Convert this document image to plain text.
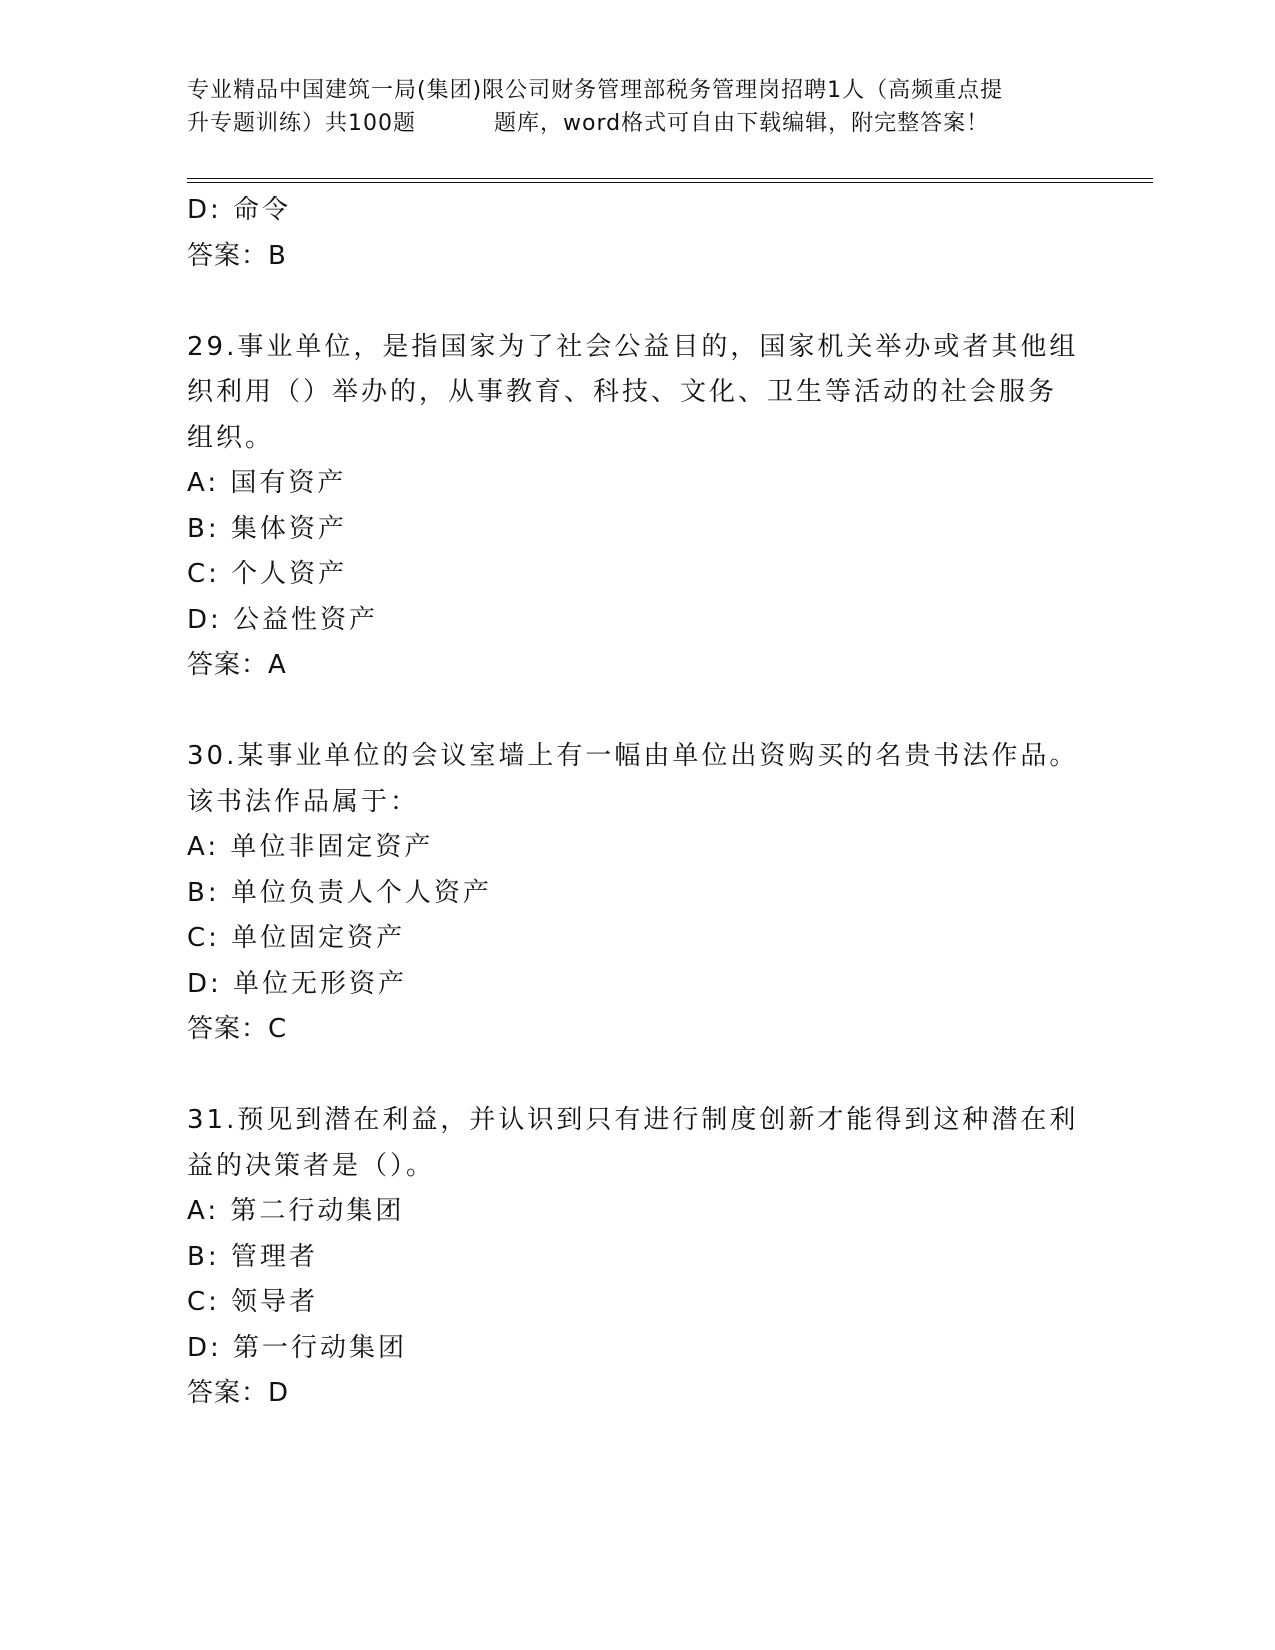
专业精品中国建筑一局(集团)限公司财务管理部税务管理岗招聘1人（高频重点提
升专题训练）共100题	题库，word格式可自由下载编辑，附完整答案！
D: 命令
答案：B
29.事业单位，是指国家为了社会公益目的，国家机关举办或者其他组
织利用（）举办的，从事教育、科技、文化、卫生等活动的社会服务
组织。
A: 国有资产
B: 集体资产
C: 个人资产
D: 公益性资产
答案：A
30.某事业单位的会议室墙上有一幅由单位出资购买的名贵书法作品。
该书法作品属于：
A: 单位非固定资产
B: 单位负责人个人资产
C: 单位固定资产
D: 单位无形资产
答案：C
31.预见到潜在利益，并认识到只有进行制度创新才能得到这种潜在利
益的决策者是（）。
A: 第二行动集团
B: 管理者
C: 领导者
D: 第一行动集团
答案：D
